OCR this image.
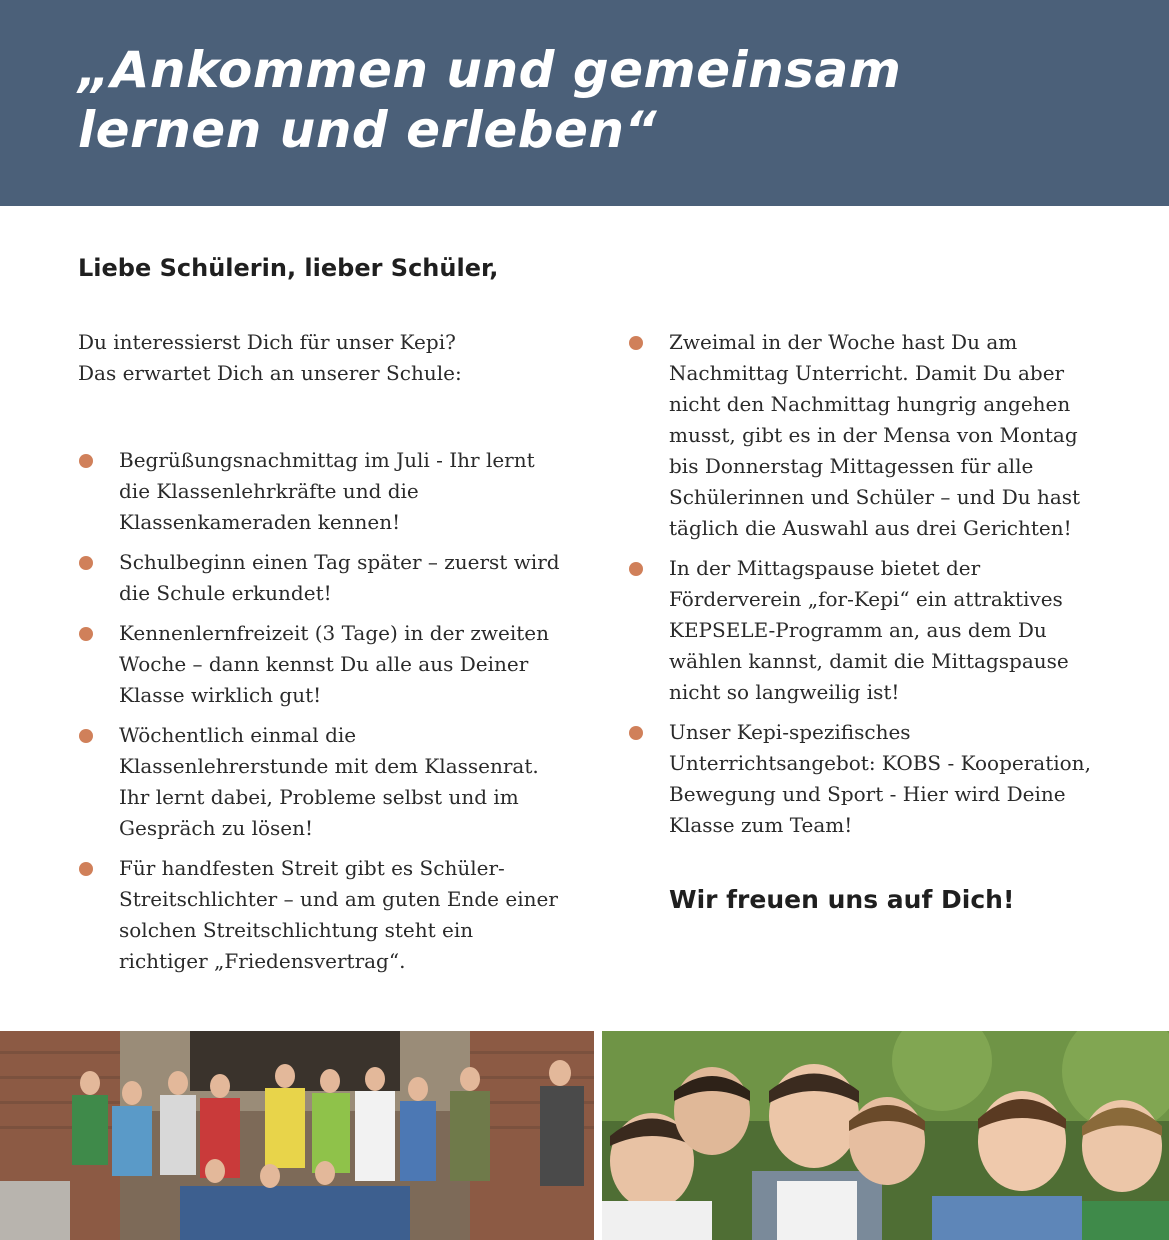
„Ankommen und gemeinsam
lernen und erleben“
Liebe Schülerin, lieber Schüler,

Du interessierst Dich für unser Kepi?
Das erwartet Dich an unserer Schule:

Begrüßungsnachmittag im Juli - Ihr lernt die Klassenlehrkräfte und die Klassenkameraden kennen!
Schulbeginn einen Tag später – zuerst wird die Schule erkundet!
Kennenlernfreizeit (3 Tage) in der zweiten Woche – dann kennst Du alle aus Deiner Klasse wirklich gut!
Wöchentlich einmal die Klassenlehrerstunde mit dem Klassenrat. Ihr lernt dabei, Probleme selbst und im Gespräch zu lösen!
Für handfesten Streit gibt es Schüler-Streitschlichter – und am guten Ende einer solchen Streitschlichtung steht ein richtiger „Friedensvertrag“.
Zweimal in der Woche hast Du am Nachmittag Unterricht. Damit Du aber nicht den Nachmittag hungrig angehen musst, gibt es in der Mensa von Montag bis Donnerstag Mittagessen für alle Schülerinnen und Schüler – und Du hast täglich die Auswahl aus drei Gerichten!
In der Mittagspause bietet der Förderverein „for-Kepi“ ein attraktives KEPSELE-Programm an, aus dem Du wählen kannst, damit die Mittagspause nicht so langweilig ist!
Unser Kepi-spezifisches Unterrichtsangebot: KOBS - Kooperation, Bewegung und Sport - Hier wird Deine Klasse zum Team!
Wir freuen uns auf Dich!
